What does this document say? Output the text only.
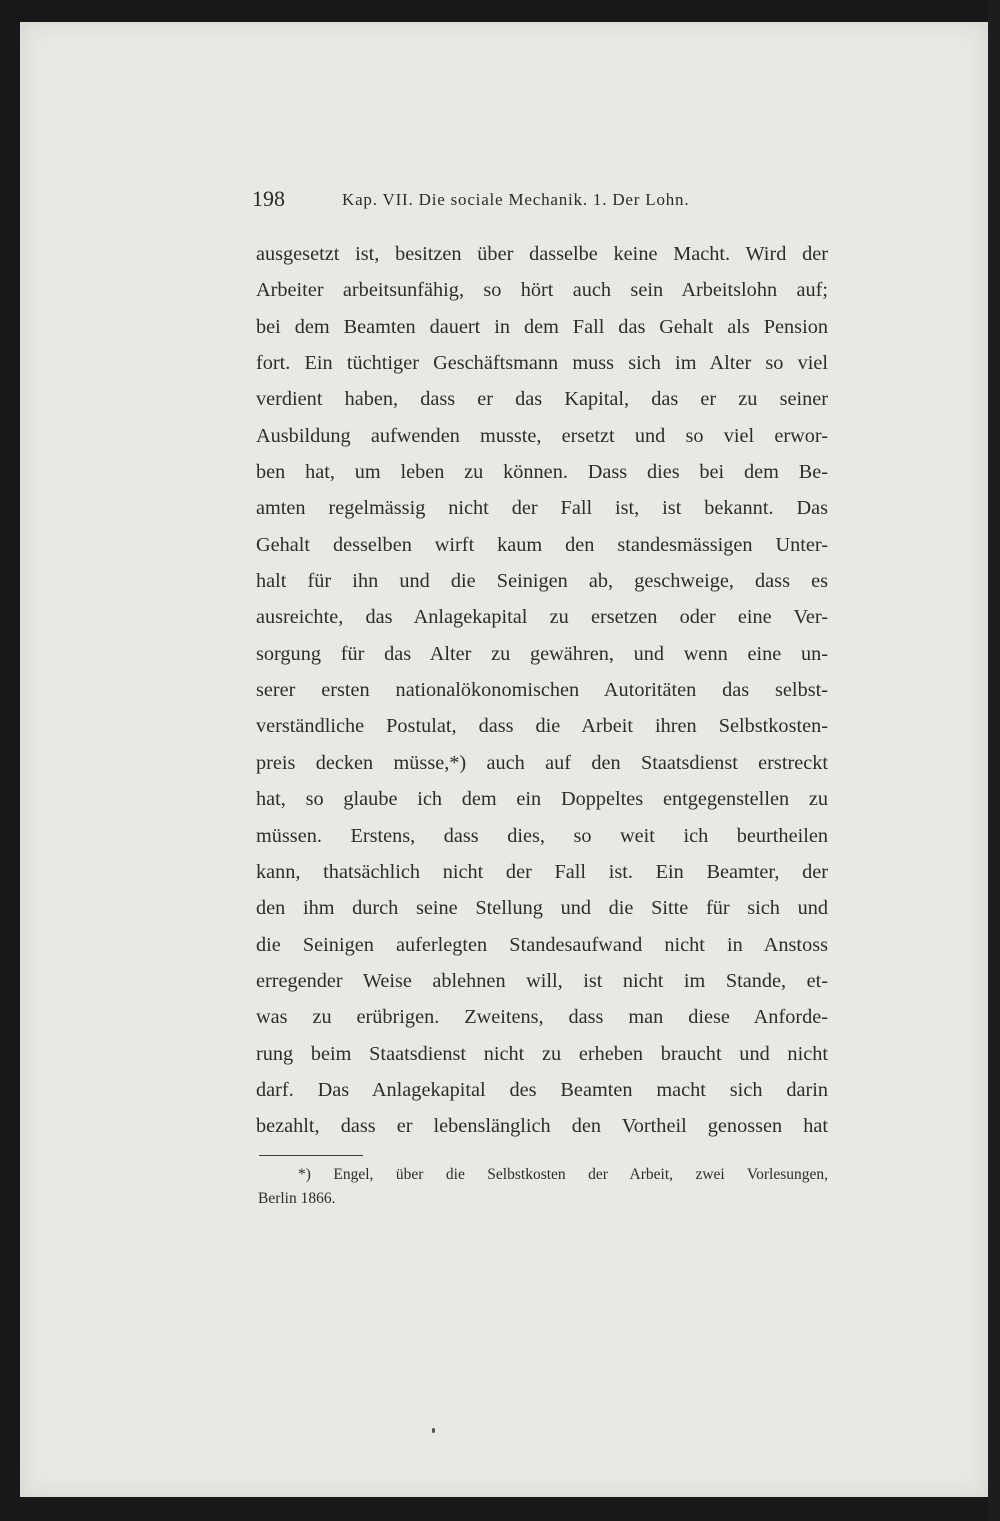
198	Kap. VII. Die sociale Mechanik. 1. Der Lohn.
ausgesetzt ist, besitzen über dasselbe keine Macht. Wird der
Arbeiter arbeitsunfähig, so hört auch sein Arbeitslohn auf;
bei dem Beamten dauert in dem Fall das Gehalt als Pension
fort. Ein tüchtiger Geschäftsmann muss sich im Alter so viel
verdient haben, dass er das Kapital, das er zu seiner
Ausbildung aufwenden musste, ersetzt und so viel erwor-
ben hat, um leben zu können. Dass dies bei dem Be-
amten regelmässig nicht der Fall ist, ist bekannt. Das
Gehalt desselben wirft kaum den standesmässigen Unter-
halt für ihn und die Seinigen ab, geschweige, dass es
ausreichte, das Anlagekapital zu ersetzen oder eine Ver-
sorgung für das Alter zu gewähren, und wenn eine un-
serer ersten nationalökonomischen Autoritäten das selbst-
verständliche Postulat, dass die Arbeit ihren Selbstkosten-
preis decken müsse,*) auch auf den Staatsdienst erstreckt
hat, so glaube ich dem ein Doppeltes entgegenstellen zu
müssen. Erstens, dass dies, so weit ich beurtheilen
kann, thatsächlich nicht der Fall ist. Ein Beamter, der
den ihm durch seine Stellung und die Sitte für sich und
die Seinigen auferlegten Standesaufwand nicht in Anstoss
erregender Weise ablehnen will, ist nicht im Stande, et-
was zu erübrigen. Zweitens, dass man diese Anforde-
rung beim Staatsdienst nicht zu erheben braucht und nicht
darf. Das Anlagekapital des Beamten macht sich darin
bezahlt, dass er lebenslänglich den Vortheil genossen hat
*) Engel, über die Selbstkosten der Arbeit, zwei Vorlesungen,
Berlin 1866.
